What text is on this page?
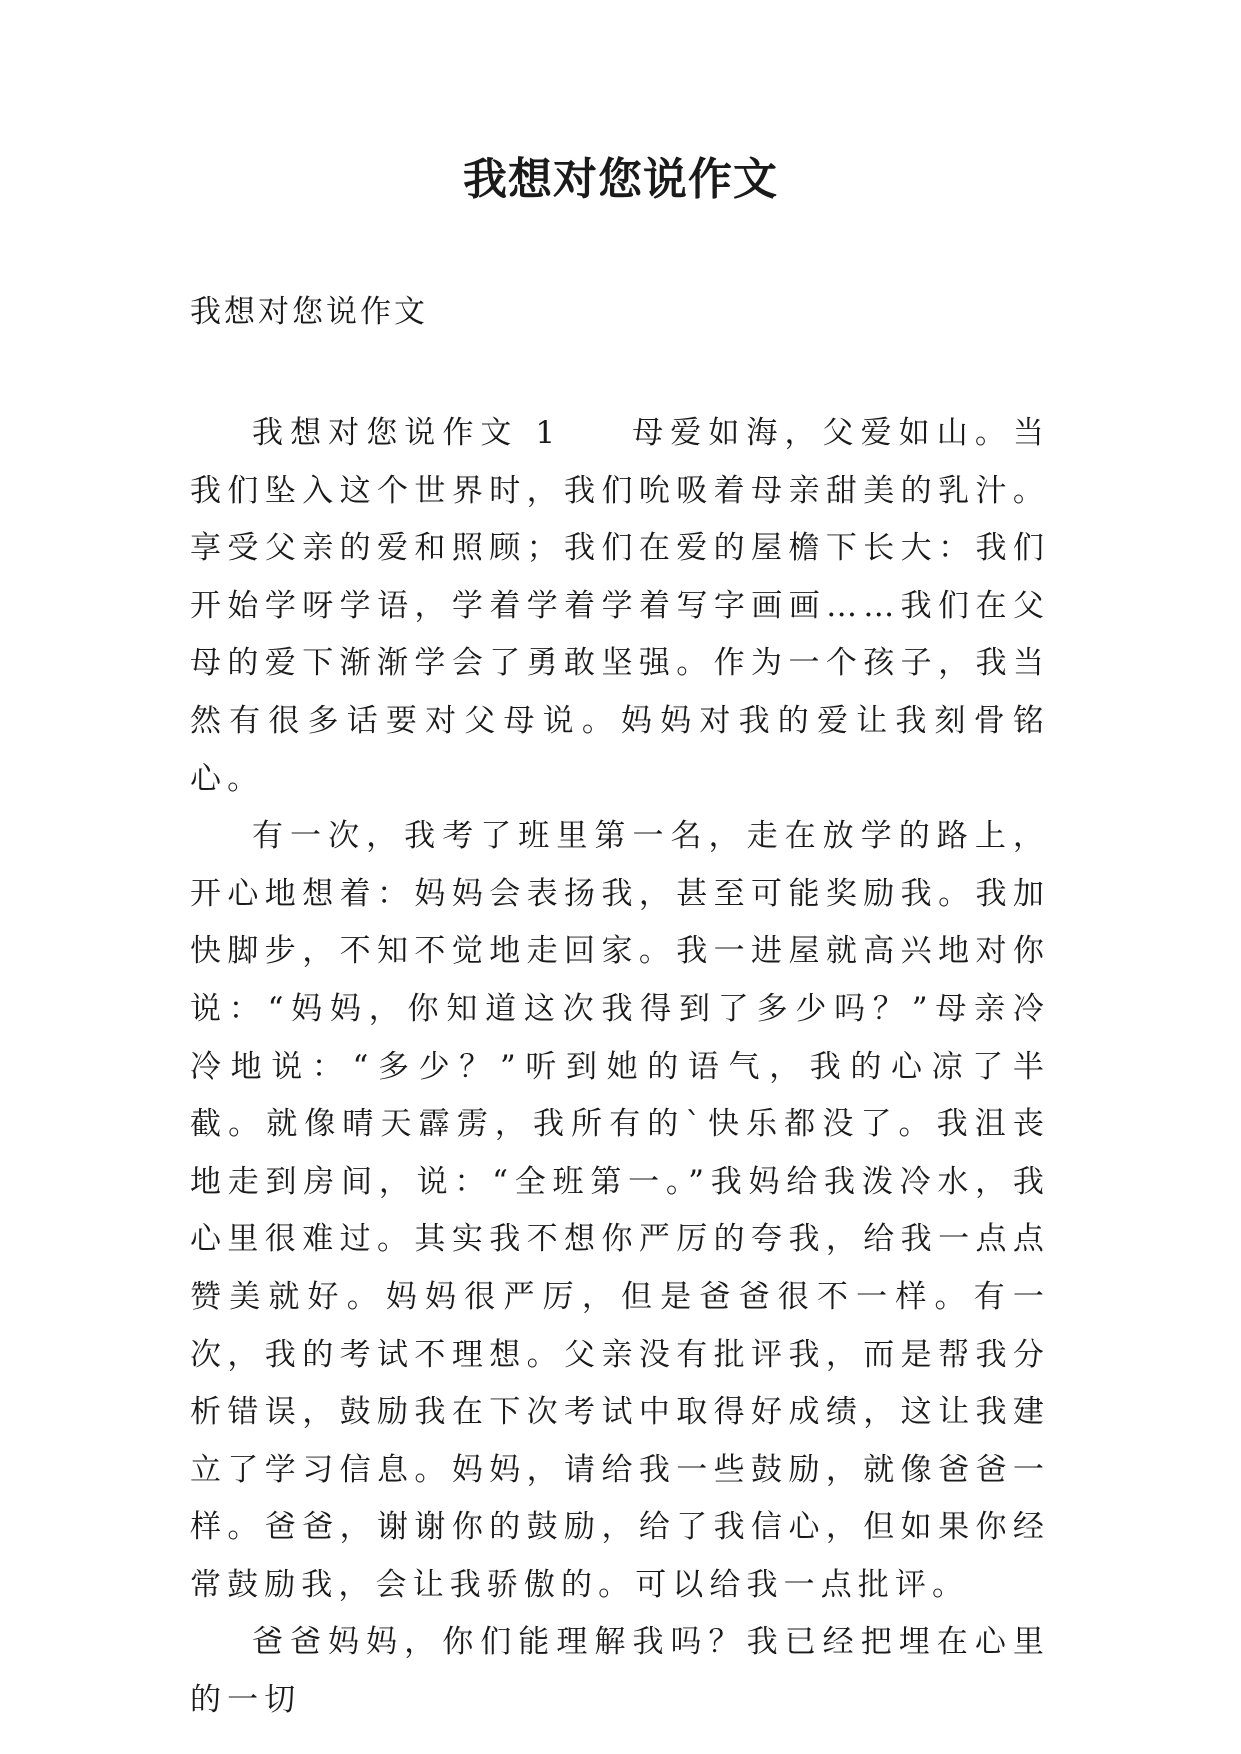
我想对您说作文
我想对您说作文

我想对您说作文 1 母爱如海，父爱如山。当我们坠入这个世界时，我们吮吸着母亲甜美的乳汁。享受父亲的爱和照顾；我们在爱的屋檐下长大：我们开始学呀学语，学着学着学着写字画画……我们在父母的爱下渐渐学会了勇敢坚强。作为一个孩子，我当然有很多话要对父母说。妈妈对我的爱让我刻骨铭心。

有一次，我考了班里第一名，走在放学的路上，开心地想着：妈妈会表扬我，甚至可能奖励我。我加快脚步，不知不觉地走回家。我一进屋就高兴地对你说：“妈妈，你知道这次我得到了多少吗？”母亲冷冷地说：“多少？”听到她的语气，我的心凉了半截。就像晴天霹雳，我所有的`快乐都没了。我沮丧地走到房间，说：“全班第一。”我妈给我泼冷水，我心里很难过。其实我不想你严厉的夸我，给我一点点赞美就好。妈妈很严厉，但是爸爸很不一样。有一次，我的考试不理想。父亲没有批评我，而是帮我分析错误，鼓励我在下次考试中取得好成绩，这让我建立了学习信息。妈妈，请给我一些鼓励，就像爸爸一样。爸爸，谢谢你的鼓励，给了我信心，但如果你经常鼓励我，会让我骄傲的。可以给我一点批评。

爸爸妈妈，你们能理解我吗？我已经把埋在心里的一切
